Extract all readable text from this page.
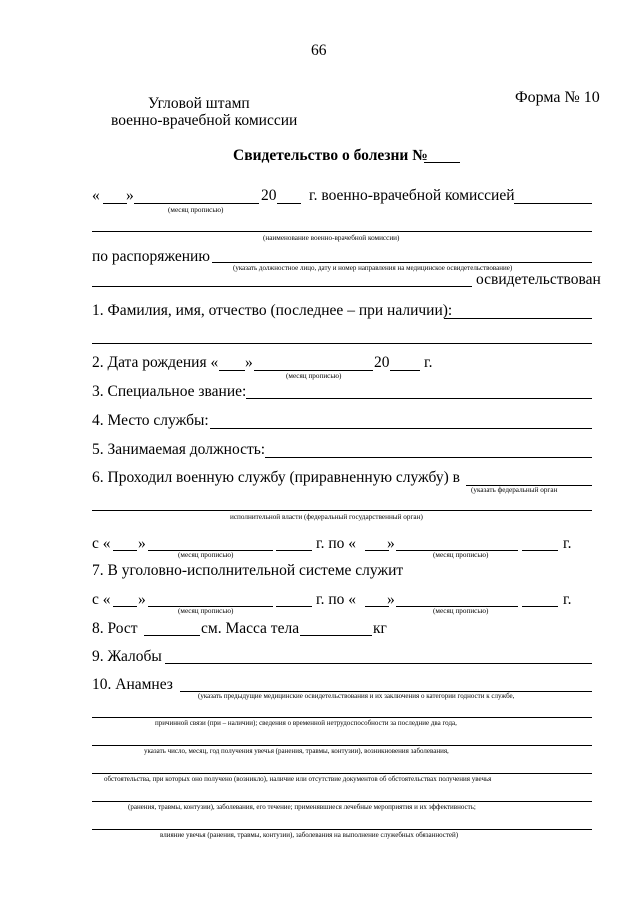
66
Угловой штамп
военно-врачебной комиссии
Форма № 10
Свидетельство о болезни №
« »	20 г. военно-врачебной комиссией
(месяц прописью)
(наименование военно-врачебной комиссии)
по распоряжению
(указать должностное лицо, дату и номер направления на медицинское освидетельствование)
освидетельствован
1. Фамилия, имя, отчество (последнее – при наличии):
2. Дата рождения « »	20 г.
(месяц прописью)
3. Специальное звание:
4. Место службы:
5. Занимаемая должность:
6. Проходил военную службу (приравненную службу) в
(указать федеральный орган
исполнительной власти (федеральный государственный орган)
с « »	г. по « »	г.
(месяц прописью)	(месяц прописью)
7. В уголовно-исполнительной системе служит
с « »	г. по « »	г.
(месяц прописью)	(месяц прописью)
8. Рост	см. Масса тела	кг
9. Жалобы
10. Анамнез
(указать предыдущие медицинские освидетельствования и их заключения о категории годности к службе,
причинной связи (при – наличии); сведения о временной нетрудоспособности за последние два года,
указать число, месяц, год получения увечья (ранения, травмы, контузии), возникновения заболевания,
обстоятельства, при которых оно получено (возникло), наличие или отсутствие документов об обстоятельствах получения увечья
(ранения, травмы, контузии), заболевания, его течение; применявшиеся лечебные мероприятия и их эффективность;
влияние увечья (ранения, травмы, контузии), заболевания на выполнение служебных обязанностей)
